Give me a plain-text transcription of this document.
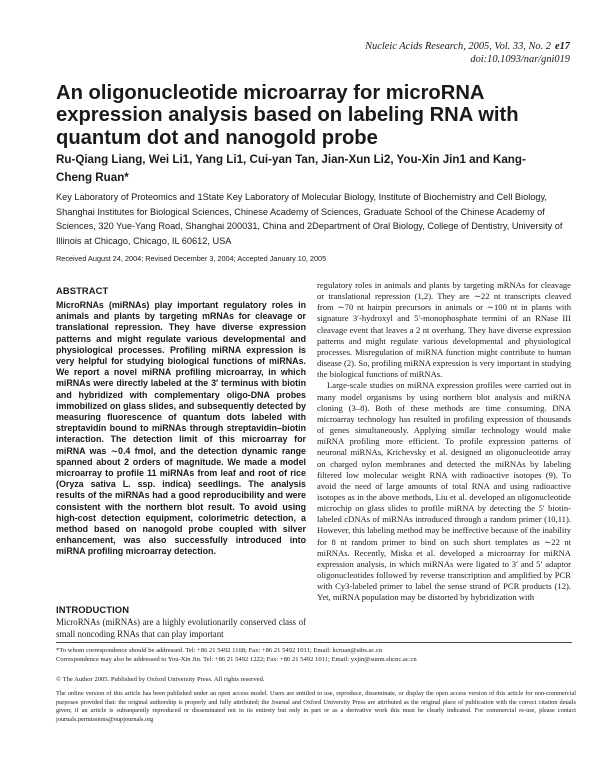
Nucleic Acids Research, 2005, Vol. 33, No. 2 e17
doi:10.1093/nar/gni019
An oligonucleotide microarray for microRNA expression analysis based on labeling RNA with quantum dot and nanogold probe

Ru-Qiang Liang, Wei Li1, Yang Li1, Cui-yan Tan, Jian-Xun Li2, You-Xin Jin1 and Kang-Cheng Ruan*

Key Laboratory of Proteomics and 1State Key Laboratory of Molecular Biology, Institute of Biochemistry and Cell Biology, Shanghai Institutes for Biological Sciences, Chinese Academy of Sciences, Graduate School of the Chinese Academy of Sciences, 320 Yue-Yang Road, Shanghai 200031, China and 2Department of Oral Biology, College of Dentistry, University of Illinois at Chicago, Chicago, IL 60612, USA

Received August 24, 2004; Revised December 3, 2004; Accepted January 10, 2005

ABSTRACT

MicroRNAs (miRNAs) play important regulatory roles in animals and plants by targeting mRNAs for cleavage or translational repression. They have diverse expression patterns and might regulate various developmental and physiological processes. Profiling miRNA expression is very helpful for studying biological functions of miRNAs. We report a novel miRNA profiling microarray, in which miRNAs were directly labeled at the 3′ terminus with biotin and hybridized with complementary oligo-DNA probes immobilized on glass slides, and subsequently detected by measuring fluorescence of quantum dots labeled with streptavidin bound to miRNAs through streptavidin–biotin interaction. The detection limit of this microarray for miRNA was ∼0.4 fmol, and the detection dynamic range spanned about 2 orders of magnitude. We made a model microarray to profile 11 miRNAs from leaf and root of rice (Oryza sativa L. ssp. indica) seedlings. The analysis results of the miRNAs had a good reproducibility and were consistent with the northern blot result. To avoid using high-cost detection equipment, colorimetric detection, a method based on nanogold probe coupled with silver enhancement, was also successfully introduced into miRNA profiling microarray detection.

INTRODUCTION

MicroRNAs (miRNAs) are a highly evolutionarily conserved class of small noncoding RNAs that can play important

regulatory roles in animals and plants by targeting mRNAs for cleavage or translational repression (1,2). They are ∼22 nt transcripts cleaved from ∼70 nt hairpin precursors in animals or ∼100 nt in plants with signature 3′-hydroxyl and 5′-monophosphate termini of an RNase III cleavage event that leaves a 2 nt overhang. They have diverse expression patterns and might regulate various developmental and physiological processes. Misregulation of miRNA function might contribute to human disease (2). So, profiling miRNA expression is very important in studying the biological functions of miRNAs.

Large-scale studies on miRNA expression profiles were carried out in many model organisms by using northern blot analysis and miRNA cloning (3–8). Both of these methods are time consuming. DNA microarray technology has resulted in profiling expression of thousands of genes simultaneously. Applying similar technology would make miRNA profiling more efficient. To profile expression patterns of neuronal miRNAs, Krichevsky et al. designed an oligonucleotide array on charged nylon membranes and detected the miRNAs by labeling filtered low molecular weight RNA with radioactive isotopes (9). To avoid the need of large amounts of total RNA and using radioactive isotopes as in the above methods, Liu et al. developed an oligonucleotide microchip on glass slides to profile miRNA by detecting the 5′ biotin-labeled cDNAs of miRNAs introduced through a random primer (10,11). However, this labeling method may be ineffective because of the inability for 8 nt random primer to bind on such short templates as ∼22 nt miRNAs. Recently, Miska et al. developed a microarray for miRNA expression analysis, in which miRNAs were ligated to 3′ and 5′ adaptor oligonucleotides followed by reverse transcription and amplified by PCR with Cy3-labeled primer to label the sense strand of PCR products (12). Yet, miRNA population may be distorted by hybridization with

*To whom correspondence should be addressed. Tel: +86 21 5492 1168; Fax: +86 21 5492 1011; Email: kcruan@sibs.ac.cn
Correspondence may also be addressed to You-Xin Jin. Tel: +86 21 5492 1222; Fax: +86 21 5492 1011; Email: yxjin@sunm.shcnc.ac.cn

© The Author 2005. Published by Oxford University Press. All rights reserved.

The online version of this article has been published under an open access model. Users are entitled to use, reproduce, disseminate, or display the open access version of this article for non-commercial purposes provided that: the original authorship is properly and fully attributed; the Journal and Oxford University Press are attributed as the original place of publication with the correct citation details given; if an article is subsequently reproduced or disseminated not in its entirety but only in part or as a derivative work this must be clearly indicated. For commercial re-use, please contact journals.permissions@oupjournals.org
